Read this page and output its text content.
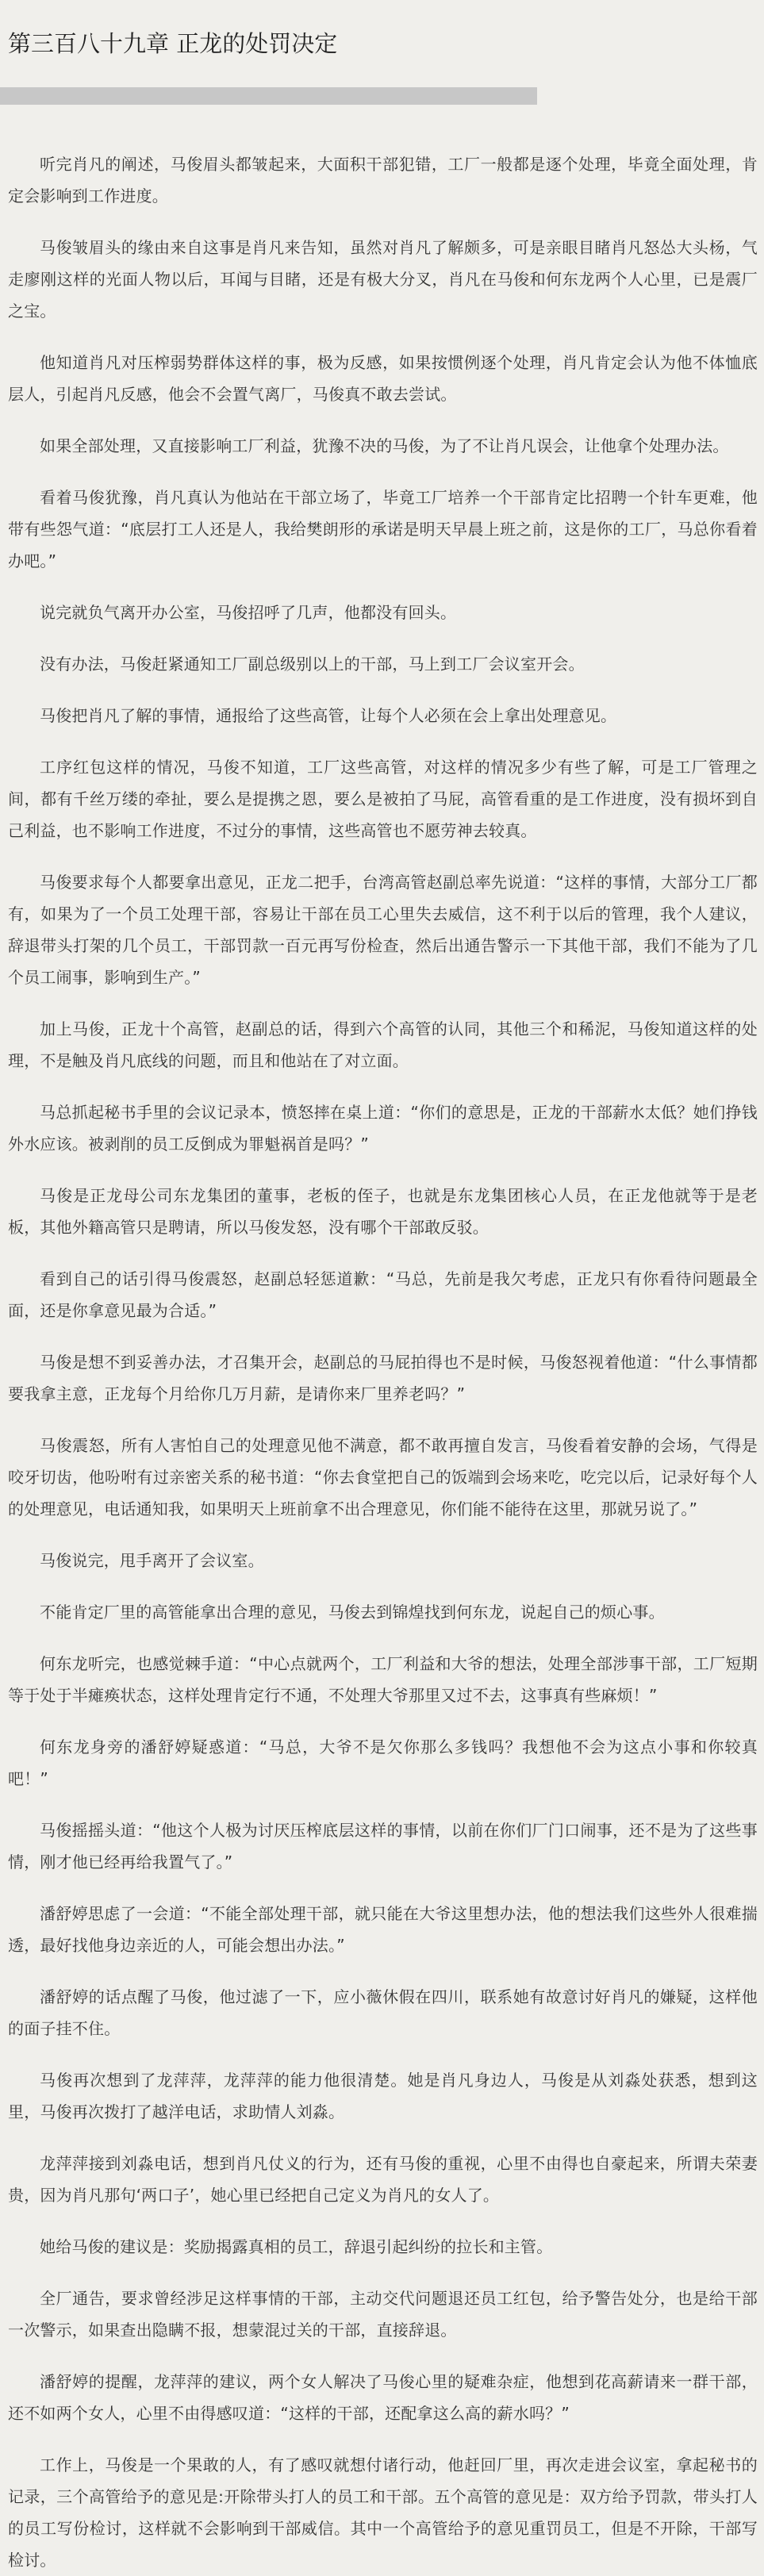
第三百八十九章 正龙的处罚决定

听完肖凡的阐述，马俊眉头都皱起来，大面积干部犯错，工厂一般都是逐个处理，毕竟全面处理，肯定会影响到工作进度。

马俊皱眉头的缘由来自这事是肖凡来告知，虽然对肖凡了解颇多，可是亲眼目睹肖凡怒怂大头杨，气走廖刚这样的光面人物以后，耳闻与目睹，还是有极大分叉，肖凡在马俊和何东龙两个人心里，已是震厂之宝。

他知道肖凡对压榨弱势群体这样的事，极为反感，如果按惯例逐个处理，肖凡肯定会认为他不体恤底层人，引起肖凡反感，他会不会置气离厂，马俊真不敢去尝试。

如果全部处理，又直接影响工厂利益，犹豫不决的马俊，为了不让肖凡误会，让他拿个处理办法。

看着马俊犹豫，肖凡真认为他站在干部立场了，毕竟工厂培养一个干部肯定比招聘一个针车更难，他带有些怨气道：“底层打工人还是人，我给樊朗形的承诺是明天早晨上班之前，这是你的工厂，马总你看着办吧。”

说完就负气离开办公室，马俊招呼了几声，他都没有回头。

没有办法，马俊赶紧通知工厂副总级别以上的干部，马上到工厂会议室开会。

马俊把肖凡了解的事情，通报给了这些高管，让每个人必须在会上拿出处理意见。

工序红包这样的情况，马俊不知道，工厂这些高管，对这样的情况多少有些了解，可是工厂管理之间，都有千丝万缕的牵扯，要么是提携之恩，要么是被拍了马屁，高管看重的是工作进度，没有损坏到自己利益，也不影响工作进度，不过分的事情，这些高管也不愿劳神去较真。

马俊要求每个人都要拿出意见，正龙二把手，台湾高管赵副总率先说道：“这样的事情，大部分工厂都有，如果为了一个员工处理干部，容易让干部在员工心里失去威信，这不利于以后的管理，我个人建议，辞退带头打架的几个员工，干部罚款一百元再写份检查，然后出通告警示一下其他干部，我们不能为了几个员工闹事，影响到生产。”

加上马俊，正龙十个高管，赵副总的话，得到六个高管的认同，其他三个和稀泥，马俊知道这样的处理，不是触及肖凡底线的问题，而且和他站在了对立面。

马总抓起秘书手里的会议记录本，愤怒摔在桌上道：“你们的意思是，正龙的干部薪水太低？她们挣钱外水应该。被剥削的员工反倒成为罪魁祸首是吗？”

马俊是正龙母公司东龙集团的董事，老板的侄子，也就是东龙集团核心人员，在正龙他就等于是老板，其他外籍高管只是聘请，所以马俊发怒，没有哪个干部敢反驳。

看到自己的话引得马俊震怒，赵副总轻惩道歉：“马总，先前是我欠考虑，正龙只有你看待问题最全面，还是你拿意见最为合适。”

马俊是想不到妥善办法，才召集开会，赵副总的马屁拍得也不是时候，马俊怒视着他道：“什么事情都要我拿主意，正龙每个月给你几万月薪，是请你来厂里养老吗？”

马俊震怒，所有人害怕自己的处理意见他不满意，都不敢再擅自发言，马俊看着安静的会场，气得是咬牙切齿，他吩咐有过亲密关系的秘书道：“你去食堂把自己的饭端到会场来吃，吃完以后，记录好每个人的处理意见，电话通知我，如果明天上班前拿不出合理意见，你们能不能待在这里，那就另说了。”

马俊说完，甩手离开了会议室。

不能肯定厂里的高管能拿出合理的意见，马俊去到锦煌找到何东龙，说起自己的烦心事。

何东龙听完，也感觉棘手道：“中心点就两个，工厂利益和大爷的想法，处理全部涉事干部，工厂短期等于处于半瘫痪状态，这样处理肯定行不通，不处理大爷那里又过不去，这事真有些麻烦！”

何东龙身旁的潘舒婷疑惑道：“马总，大爷不是欠你那么多钱吗？我想他不会为这点小事和你较真吧！”

马俊摇摇头道：“他这个人极为讨厌压榨底层这样的事情，以前在你们厂门口闹事，还不是为了这些事情，刚才他已经再给我置气了。”

潘舒婷思虑了一会道：“不能全部处理干部，就只能在大爷这里想办法，他的想法我们这些外人很难揣透，最好找他身边亲近的人，可能会想出办法。”

潘舒婷的话点醒了马俊，他过滤了一下，应小薇休假在四川，联系她有故意讨好肖凡的嫌疑，这样他的面子挂不住。

马俊再次想到了龙萍萍，龙萍萍的能力他很清楚。她是肖凡身边人，马俊是从刘淼处获悉，想到这里，马俊再次拨打了越洋电话，求助情人刘淼。

龙萍萍接到刘淼电话，想到肖凡仗义的行为，还有马俊的重视，心里不由得也自豪起来，所谓夫荣妻贵，因为肖凡那句‘两口子’，她心里已经把自己定义为肖凡的女人了。

她给马俊的建议是：奖励揭露真相的员工，辞退引起纠纷的拉长和主管。

全厂通告，要求曾经涉足这样事情的干部，主动交代问题退还员工红包，给予警告处分，也是给干部一次警示，如果查出隐瞒不报，想蒙混过关的干部，直接辞退。

潘舒婷的提醒，龙萍萍的建议，两个女人解决了马俊心里的疑难杂症，他想到花高薪请来一群干部，还不如两个女人，心里不由得感叹道：“这样的干部，还配拿这么高的薪水吗？”

工作上，马俊是一个果敢的人，有了感叹就想付诸行动，他赶回厂里，再次走进会议室，拿起秘书的记录，三个高管给予的意见是:开除带头打人的员工和干部。五个高管的意见是：双方给予罚款，带头打人的员工写份检讨，这样就不会影响到干部威信。其中一个高管给予的意见重罚员工，但是不开除，干部写检讨。
